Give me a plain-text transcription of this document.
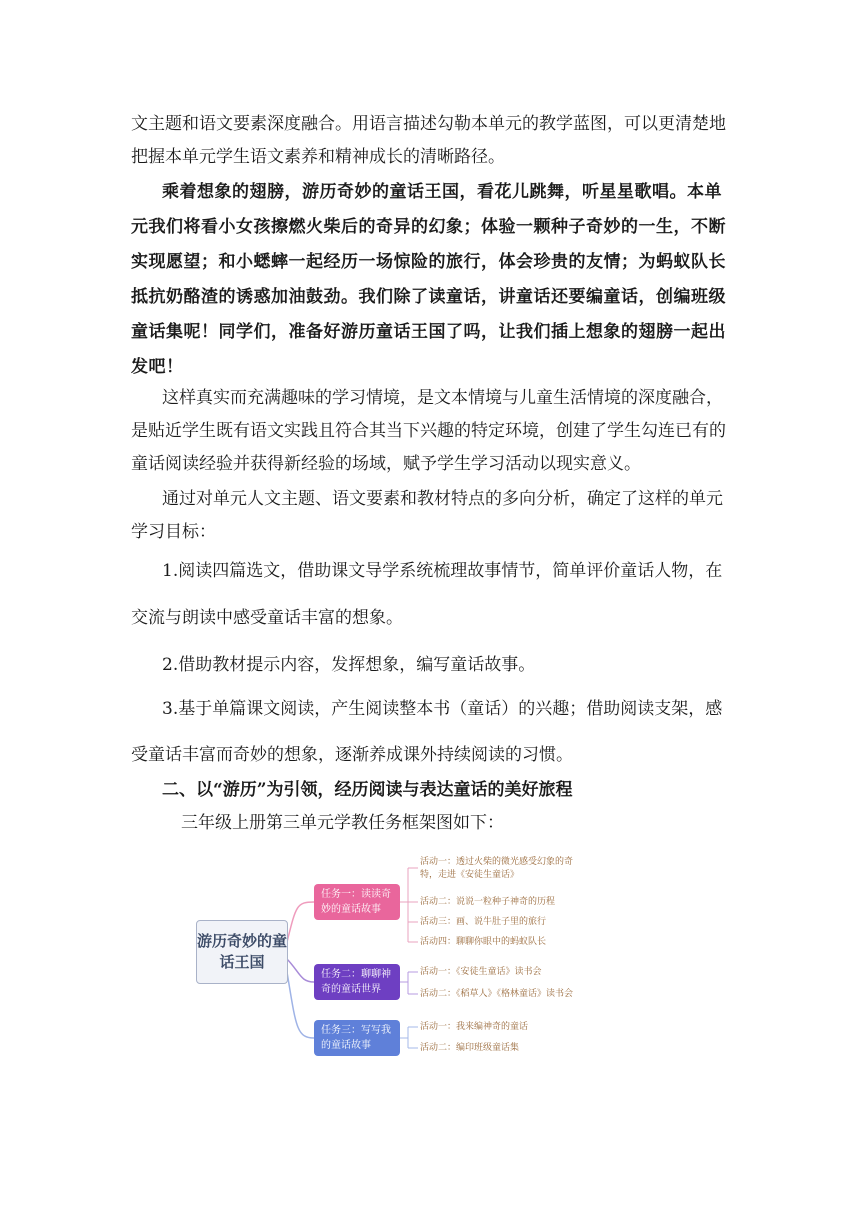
文主题和语文要素深度融合。用语言描述勾勒本单元的教学蓝图，可以更清楚地

把握本单元学生语文素养和精神成长的清晰路径。

乘着想象的翅膀，游历奇妙的童话王国，看花儿跳舞，听星星歌唱。本单

元我们将看小女孩擦燃火柴后的奇异的幻象；体验一颗种子奇妙的一生，不断

实现愿望；和小蟋蟀一起经历一场惊险的旅行，体会珍贵的友情；为蚂蚁队长

抵抗奶酪渣的诱惑加油鼓劲。我们除了读童话，讲童话还要编童话，创编班级

童话集呢！同学们，准备好游历童话王国了吗，让我们插上想象的翅膀一起出

发吧！

这样真实而充满趣味的学习情境，是文本情境与儿童生活情境的深度融合，

是贴近学生既有语文实践且符合其当下兴趣的特定环境，创建了学生勾连已有的

童话阅读经验并获得新经验的场域，赋予学生学习活动以现实意义。

通过对单元人文主题、语文要素和教材特点的多向分析，确定了这样的单元

学习目标：

1.阅读四篇选文，借助课文导学系统梳理故事情节，简单评价童话人物，在

交流与朗读中感受童话丰富的想象。

2.借助教材提示内容，发挥想象，编写童话故事。

3.基于单篇课文阅读，产生阅读整本书（童话）的兴趣；借助阅读支架，感

受童话丰富而奇妙的想象，逐渐养成课外持续阅读的习惯。

二、以“游历”为引领，经历阅读与表达童话的美好旅程

三年级上册第三单元学教任务框架图如下：

游历奇妙的童话王国
任务一：读读奇妙的童话故事
任务二：聊聊神奇的童话世界
任务三：写写我的童话故事
活动一：透过火柴的微光感受幻象的奇特，走进《安徒生童话》
活动二：说说一粒种子神奇的历程
活动三：画、说牛肚子里的旅行
活动四：聊聊你眼中的蚂蚁队长
活动一：《安徒生童话》读书会
活动二：《稻草人》《格林童话》读书会
活动一：我来编神奇的童话
活动二：编印班级童话集
